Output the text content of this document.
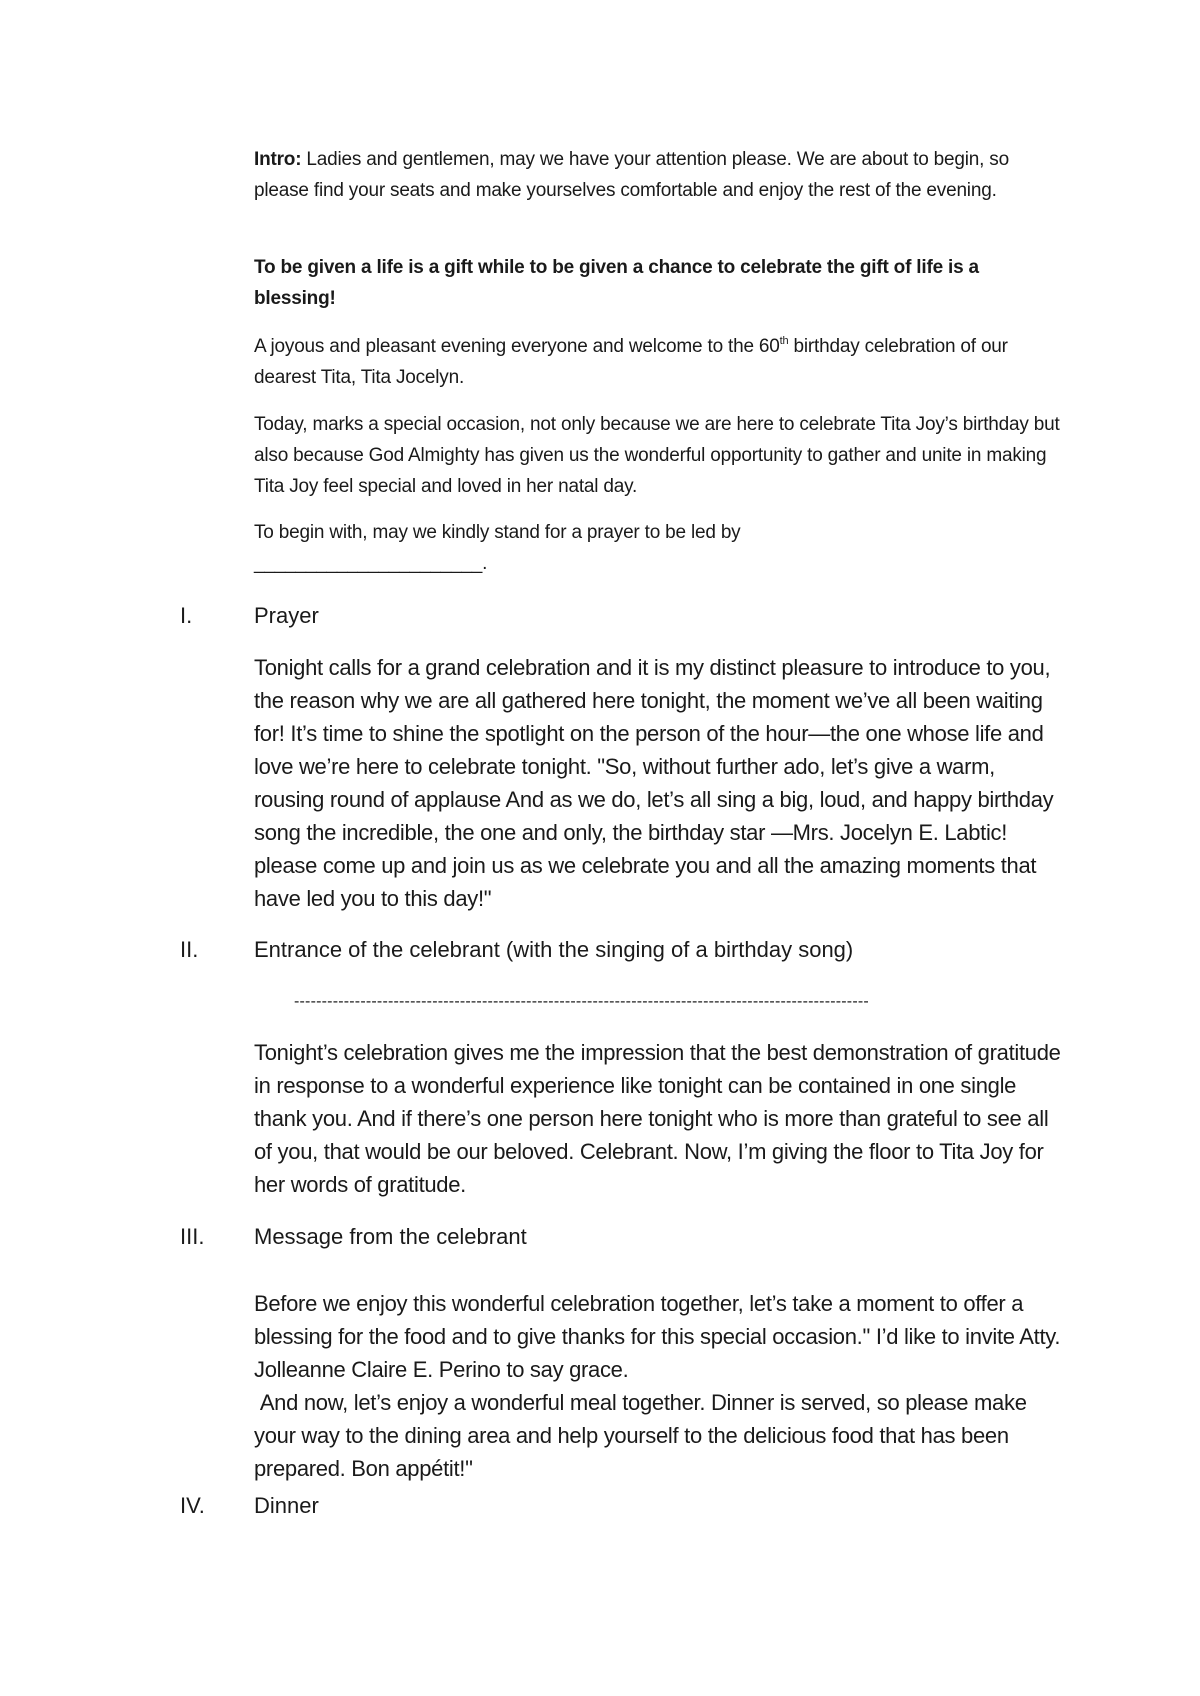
Intro: Ladies and gentlemen, may we have your attention please. We are about to begin, so please find your seats and make yourselves comfortable and enjoy the rest of the evening.

To be given a life is a gift while to be given a chance to celebrate the gift of life is a blessing!

A joyous and pleasant evening everyone and welcome to the 60th birthday celebration of our dearest Tita, Tita Jocelyn.

Today, marks a special occasion, not only because we are here to celebrate Tita Joy’s birthday but also because God Almighty has given us the wonderful opportunity to gather and unite in making Tita Joy feel special and loved in her natal day.

To begin with, may we kindly stand for a prayer to be led by
______________________.

I.	Prayer

Tonight calls for a grand celebration and it is my distinct pleasure to introduce to you, the reason why we are all gathered here tonight, the moment we’ve all been waiting for! It’s time to shine the spotlight on the person of the hour—the one whose life and love we’re here to celebrate tonight. "So, without further ado, let’s give a warm, rousing round of applause And as we do, let’s all sing a big, loud, and happy birthday song the incredible, the one and only, the birthday star —Mrs. Jocelyn E. Labtic! please come up and join us as we celebrate you and all the amazing moments that have led you to this day!"

II.	Entrance of the celebrant (with the singing of a birthday song)
--------------------------------------------------------------------------------------------------------

Tonight’s celebration gives me the impression that the best demonstration of gratitude in response to a wonderful experience like tonight can be contained in one single thank you. And if there’s one person here tonight who is more than grateful to see all of you, that would be our beloved. Celebrant. Now, I’m giving the floor to Tita Joy for her words of gratitude.

III. Message from the celebrant

Before we enjoy this wonderful celebration together, let’s take a moment to offer a blessing for the food and to give thanks for this special occasion." I’d like to invite Atty. Jolleanne Claire E. Perino to say grace.

And now, let’s enjoy a wonderful meal together. Dinner is served, so please make your way to the dining area and help yourself to the delicious food that has been prepared. Bon appétit!"

IV. Dinner
